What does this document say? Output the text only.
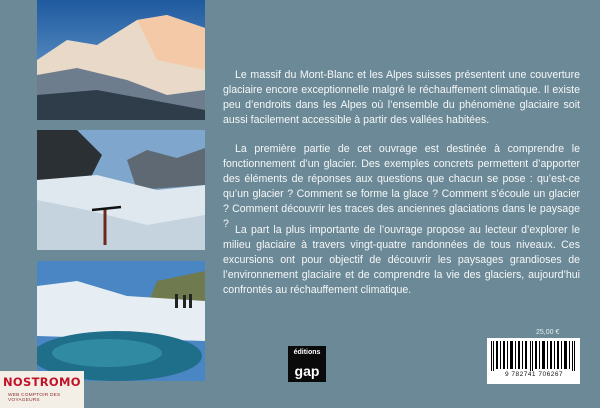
Le massif du Mont-Blanc et les Alpes suisses présentent une couverture glaciaire encore exceptionnelle malgré le réchauffement climatique. Il existe peu d’endroits dans les Alpes où l’ensemble du phénomène glaciaire soit aussi facilement accessible à partir des vallées habitées.

La première partie de cet ouvrage est destinée à comprendre le fonctionnement d’un glacier. Des exemples concrets permettent d’apporter des éléments de réponses aux questions que chacun se pose : qu’est-ce qu’un glacier ? Comment se forme la glace ? Comment s’écoule un glacier ? Comment découvrir les traces des anciennes glaciations dans le paysage ? La part la plus importante de l’ouvrage propose au lecteur d’explorer le milieu glaciaire à travers vingt-quatre randonnées de tous niveaux. Ces excursions ont pour objectif de découvrir les paysages grandioses de l’environnement glaciaire et de comprendre la vie des glaciers, aujourd’hui confrontés au réchauffement climatique.

25,00 €
9 782741 706267
éditions
gap
NOSTROMO
WEB COMPTOIR DES VOYAGEURS
